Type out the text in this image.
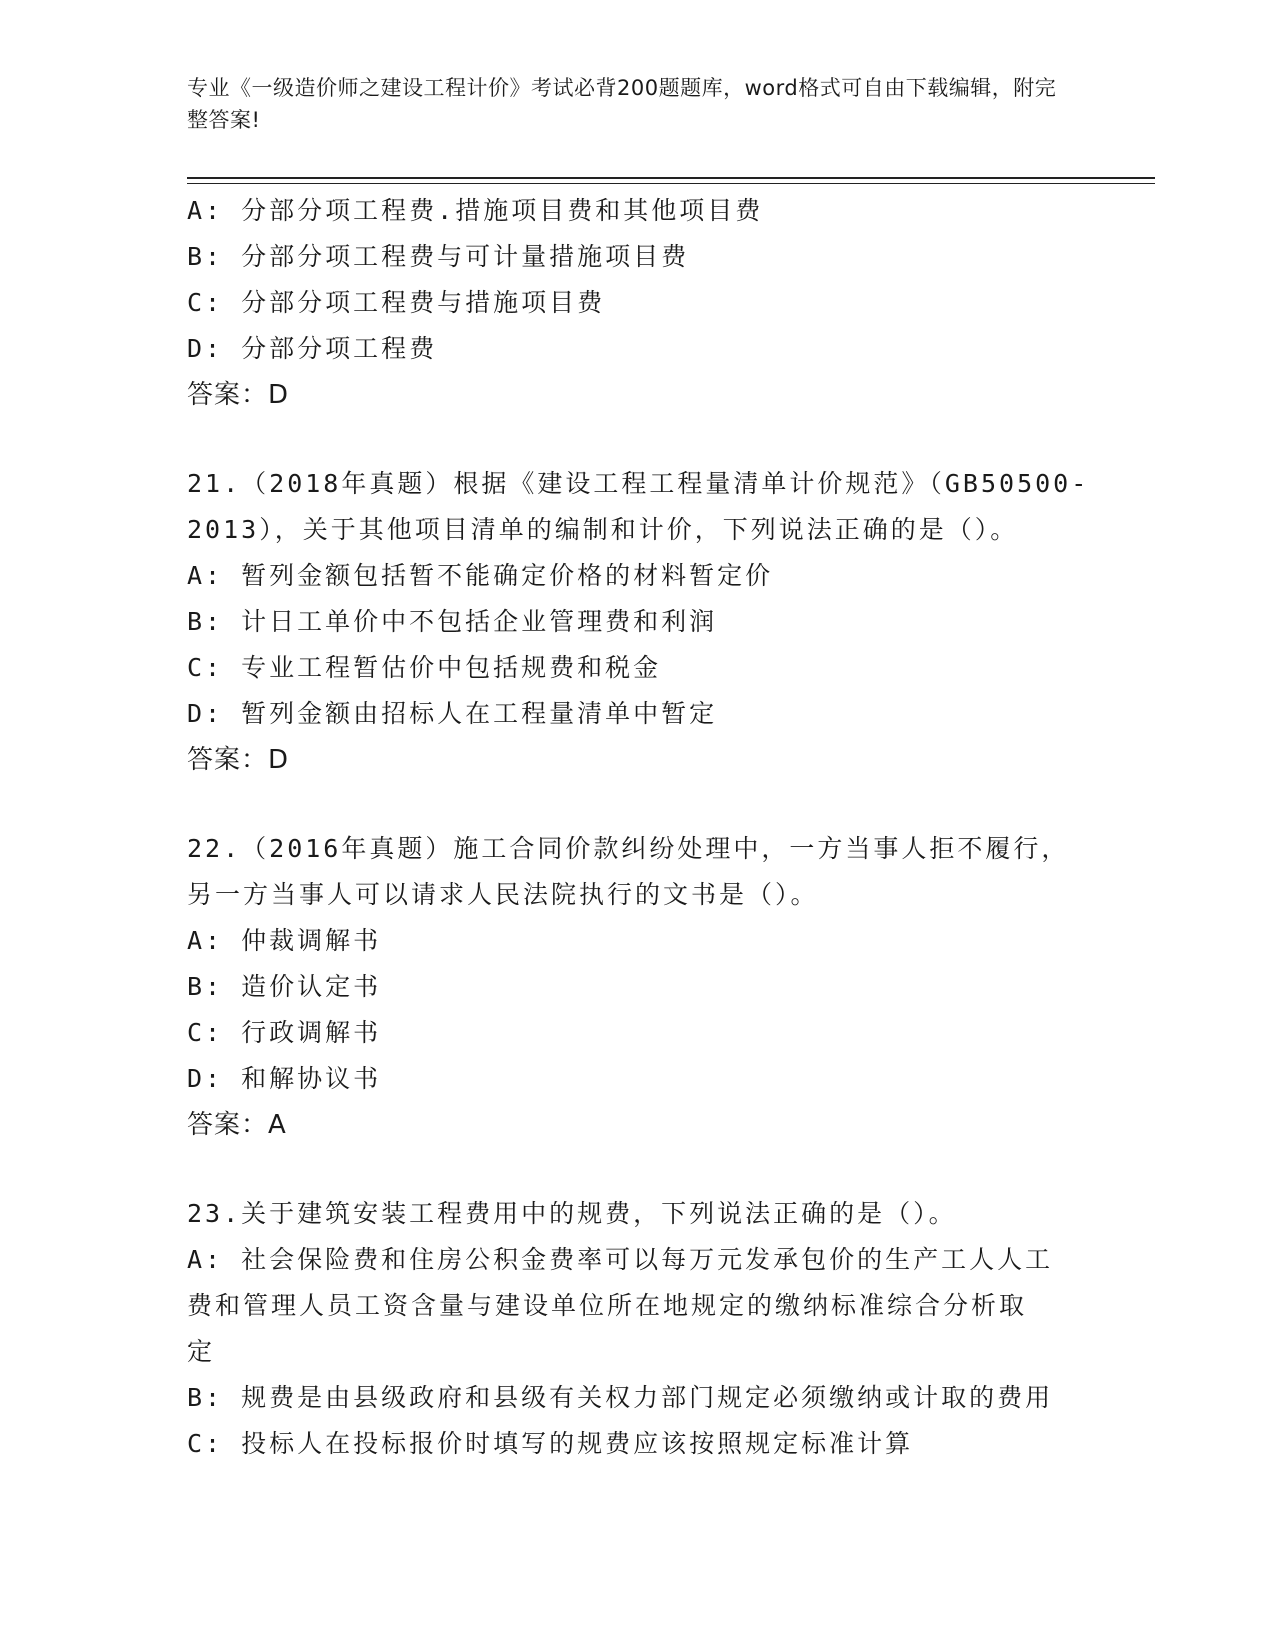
专业《一级造价师之建设工程计价》考试必背200题题库，word格式可自由下载编辑，附完整答案!
A: 分部分项工程费.措施项目费和其他项目费
B: 分部分项工程费与可计量措施项目费
C: 分部分项工程费与措施项目费
D: 分部分项工程费
答案：D
21.（2018年真题）根据《建设工程工程量清单计价规范》（GB50500-
2013），关于其他项目清单的编制和计价，下列说法正确的是（）。
A: 暂列金额包括暂不能确定价格的材料暂定价
B: 计日工单价中不包括企业管理费和利润
C: 专业工程暂估价中包括规费和税金
D: 暂列金额由招标人在工程量清单中暂定
答案：D
22.（2016年真题）施工合同价款纠纷处理中，一方当事人拒不履行，
另一方当事人可以请求人民法院执行的文书是（）。
A: 仲裁调解书
B: 造价认定书
C: 行政调解书
D: 和解协议书
答案：A
23.关于建筑安装工程费用中的规费，下列说法正确的是（）。
A: 社会保险费和住房公积金费率可以每万元发承包价的生产工人人工
费和管理人员工资含量与建设单位所在地规定的缴纳标准综合分析取
定
B: 规费是由县级政府和县级有关权力部门规定必须缴纳或计取的费用
C: 投标人在投标报价时填写的规费应该按照规定标准计算
